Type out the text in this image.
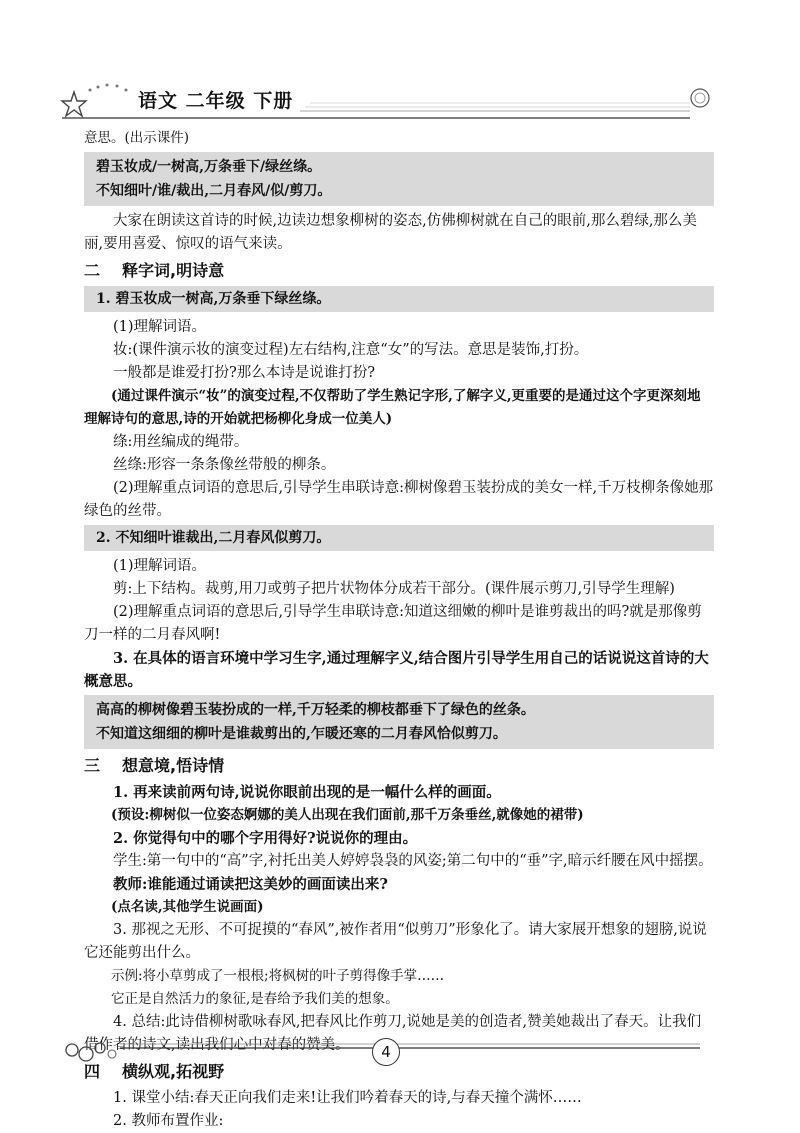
语文 二年级 下册

意思。(出示课件)

碧玉妆成/一树高,万条垂下/绿丝绦。

不知细叶/谁/裁出,二月春风/似/剪刀。

大家在朗读这首诗的时候,边读边想象柳树的姿态,仿佛柳树就在自己的眼前,那么碧绿,那么美丽,要用喜爱、惊叹的语气来读。

二 释字词,明诗意

1. 碧玉妆成一树高,万条垂下绿丝绦。

(1)理解词语。

妆:(课件演示妆的演变过程)左右结构,注意“女”的写法。意思是装饰,打扮。

一般都是谁爱打扮?那么本诗是说谁打扮?

(通过课件演示“妆”的演变过程,不仅帮助了学生熟记字形,了解字义,更重要的是通过这个字更深刻地理解诗句的意思,诗的开始就把杨柳化身成一位美人)

绦:用丝编成的绳带。

丝绦:形容一条条像丝带般的柳条。

(2)理解重点词语的意思后,引导学生串联诗意:柳树像碧玉装扮成的美女一样,千万枝柳条像她那绿色的丝带。

2. 不知细叶谁裁出,二月春风似剪刀。

(1)理解词语。

剪:上下结构。裁剪,用刀或剪子把片状物体分成若干部分。(课件展示剪刀,引导学生理解)

(2)理解重点词语的意思后,引导学生串联诗意:知道这细嫩的柳叶是谁剪裁出的吗?就是那像剪刀一样的二月春风啊!

3. 在具体的语言环境中学习生字,通过理解字义,结合图片引导学生用自己的话说说这首诗的大概意思。

高高的柳树像碧玉装扮成的一样,千万轻柔的柳枝都垂下了绿色的丝条。

不知道这细细的柳叶是谁裁剪出的,乍暖还寒的二月春风恰似剪刀。

三 想意境,悟诗情

1. 再来读前两句诗,说说你眼前出现的是一幅什么样的画面。

(预设:柳树似一位姿态婀娜的美人出现在我们面前,那千万条垂丝,就像她的裙带)

2. 你觉得句中的哪个字用得好?说说你的理由。

学生:第一句中的“高”字,衬托出美人婷婷袅袅的风姿;第二句中的“垂”字,暗示纤腰在风中摇摆。

教师:谁能通过诵读把这美妙的画面读出来?

(点名读,其他学生说画面)

3. 那视之无形、不可捉摸的“春风”,被作者用“似剪刀”形象化了。请大家展开想象的翅膀,说说它还能剪出什么。

示例:将小草剪成了一根根;将枫树的叶子剪得像手掌……

它正是自然活力的象征,是春给予我们美的想象。

4. 总结:此诗借柳树歌咏春风,把春风比作剪刀,说她是美的创造者,赞美她裁出了春天。让我们借作者的诗文,读出我们心中对春的赞美。

四 横纵观,拓视野

1. 课堂小结:春天正向我们走来!让我们吟着春天的诗,与春天撞个满怀……

2. 教师布置作业:

4
